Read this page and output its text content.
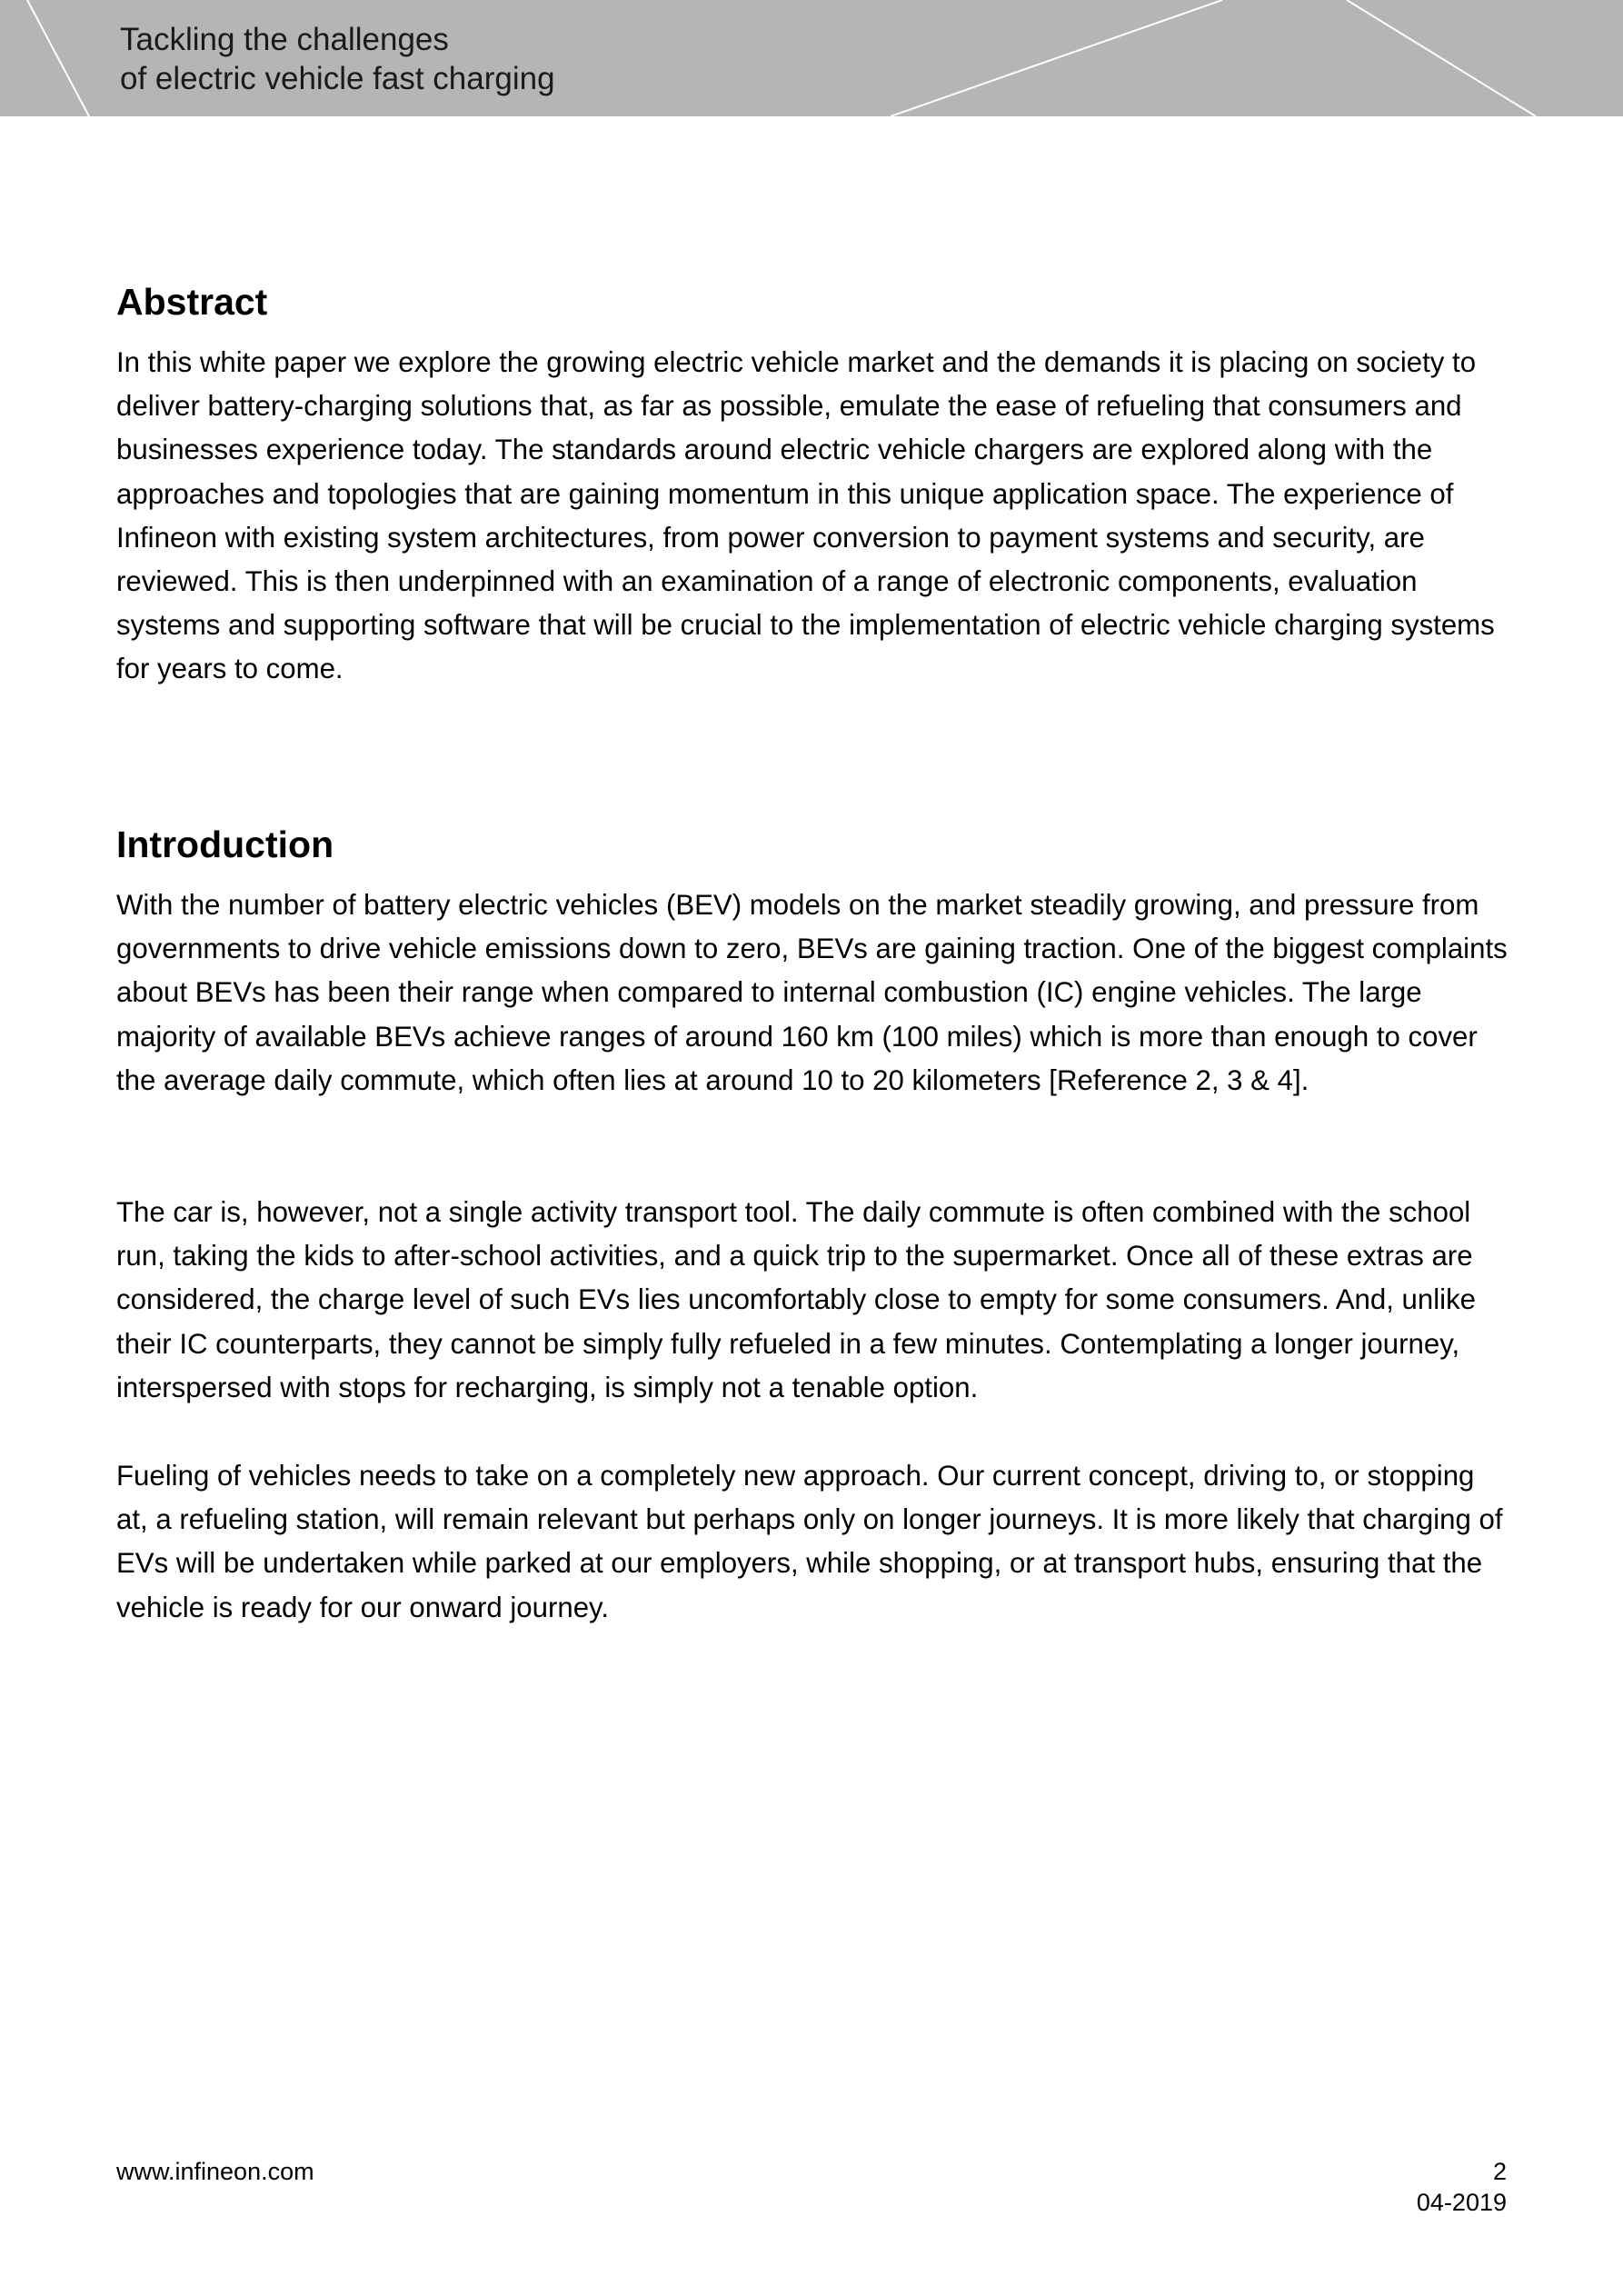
Tackling the challenges
of electric vehicle fast charging
Abstract

In this white paper we explore the growing electric vehicle market and the demands it is placing on society to deliver battery-charging solutions that, as far as possible, emulate the ease of refueling that consumers and businesses experience today. The standards around electric vehicle chargers are explored along with the approaches and topologies that are gaining momentum in this unique application space. The experience of Infineon with existing system architectures, from power conversion to payment systems and security, are reviewed. This is then underpinned with an examination of a range of electronic components, evaluation systems and supporting software that will be crucial to the implementation of electric vehicle charging systems for years to come.

Introduction

With the number of battery electric vehicles (BEV) models on the market steadily growing, and pressure from governments to drive vehicle emissions down to zero, BEVs are gaining traction. One of the biggest complaints about BEVs has been their range when compared to internal combustion (IC) engine vehicles. The large majority of available BEVs achieve ranges of around 160 km (100 miles) which is more than enough to cover the average daily commute, which often lies at around 10 to 20 kilometers [Reference 2, 3 & 4].

The car is, however, not a single activity transport tool. The daily commute is often combined with the school run, taking the kids to after-school activities, and a quick trip to the supermarket. Once all of these extras are considered, the charge level of such EVs lies uncomfortably close to empty for some consumers. And, unlike their IC counterparts, they cannot be simply fully refueled in a few minutes. Contemplating a longer journey, interspersed with stops for recharging, is simply not a tenable option.

Fueling of vehicles needs to take on a completely new approach. Our current concept, driving to, or stopping at, a refueling station, will remain relevant but perhaps only on longer journeys. It is more likely that charging of EVs will be undertaken while parked at our employers, while shopping, or at transport hubs, ensuring that the vehicle is ready for our onward journey.

www.infineon.com	2
04-2019
